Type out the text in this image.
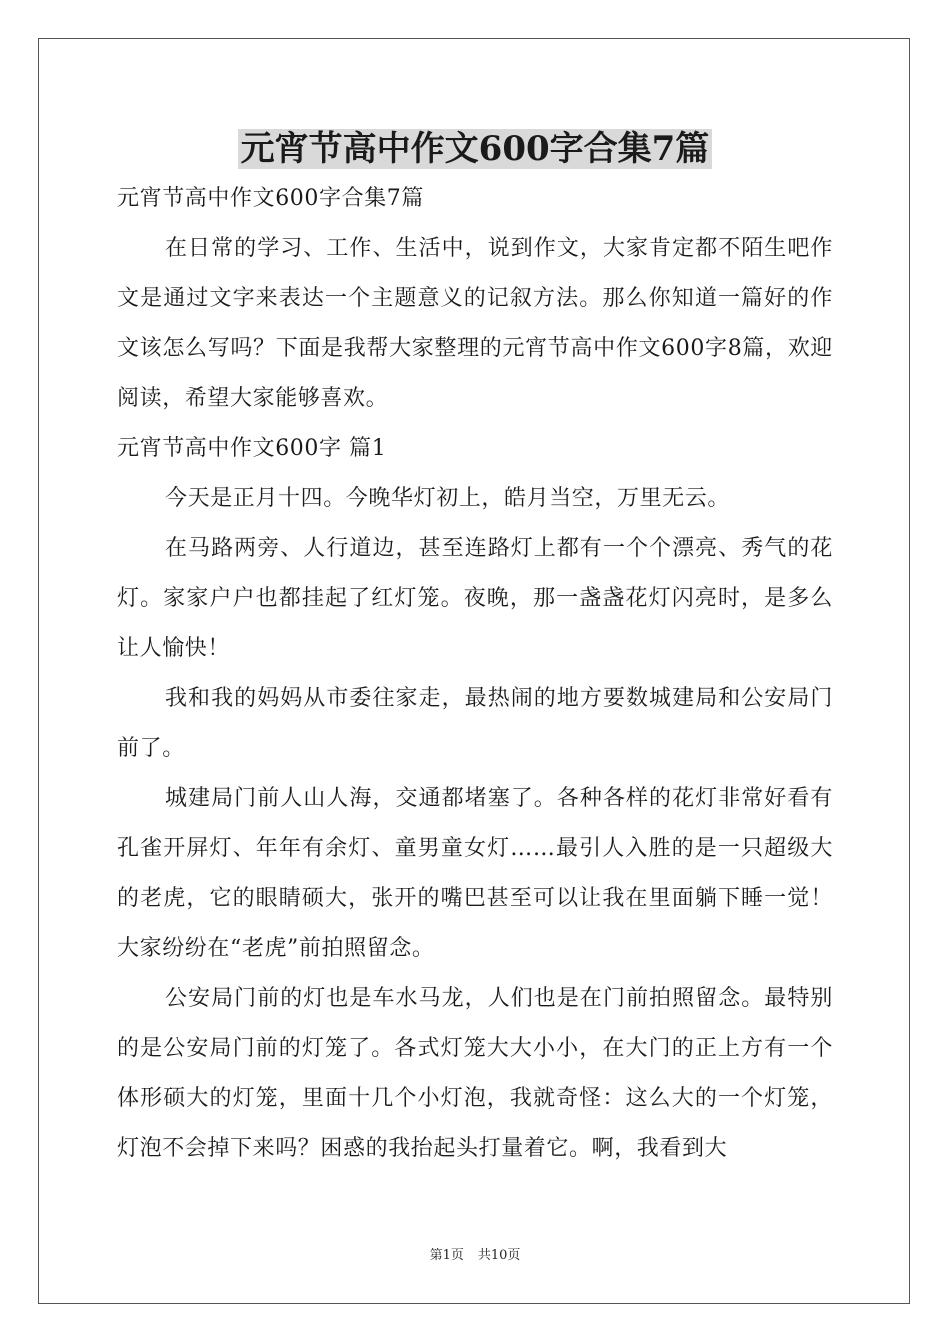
元宵节高中作文600字合集7篇

元宵节高中作文600字合集7篇

在日常的学习、工作、生活中，说到作文，大家肯定都不陌生吧作文是通过文字来表达一个主题意义的记叙方法。那么你知道一篇好的作文该怎么写吗？下面是我帮大家整理的元宵节高中作文600字8篇，欢迎阅读，希望大家能够喜欢。

元宵节高中作文600字 篇1

今天是正月十四。今晚华灯初上，皓月当空，万里无云。

在马路两旁、人行道边，甚至连路灯上都有一个个漂亮、秀气的花灯。家家户户也都挂起了红灯笼。夜晚，那一盏盏花灯闪亮时，是多么让人愉快！

我和我的妈妈从市委往家走，最热闹的地方要数城建局和公安局门前了。

城建局门前人山人海，交通都堵塞了。各种各样的花灯非常好看有孔雀开屏灯、年年有余灯、童男童女灯……最引人入胜的是一只超级大的老虎，它的眼睛硕大，张开的嘴巴甚至可以让我在里面躺下睡一觉！大家纷纷在“老虎”前拍照留念。

公安局门前的灯也是车水马龙，人们也是在门前拍照留念。最特别的是公安局门前的灯笼了。各式灯笼大大小小，在大门的正上方有一个体形硕大的灯笼，里面十几个小灯泡，我就奇怪：这么大的一个灯笼，灯泡不会掉下来吗？困惑的我抬起头打量着它。啊，我看到大

第1页 共10页
